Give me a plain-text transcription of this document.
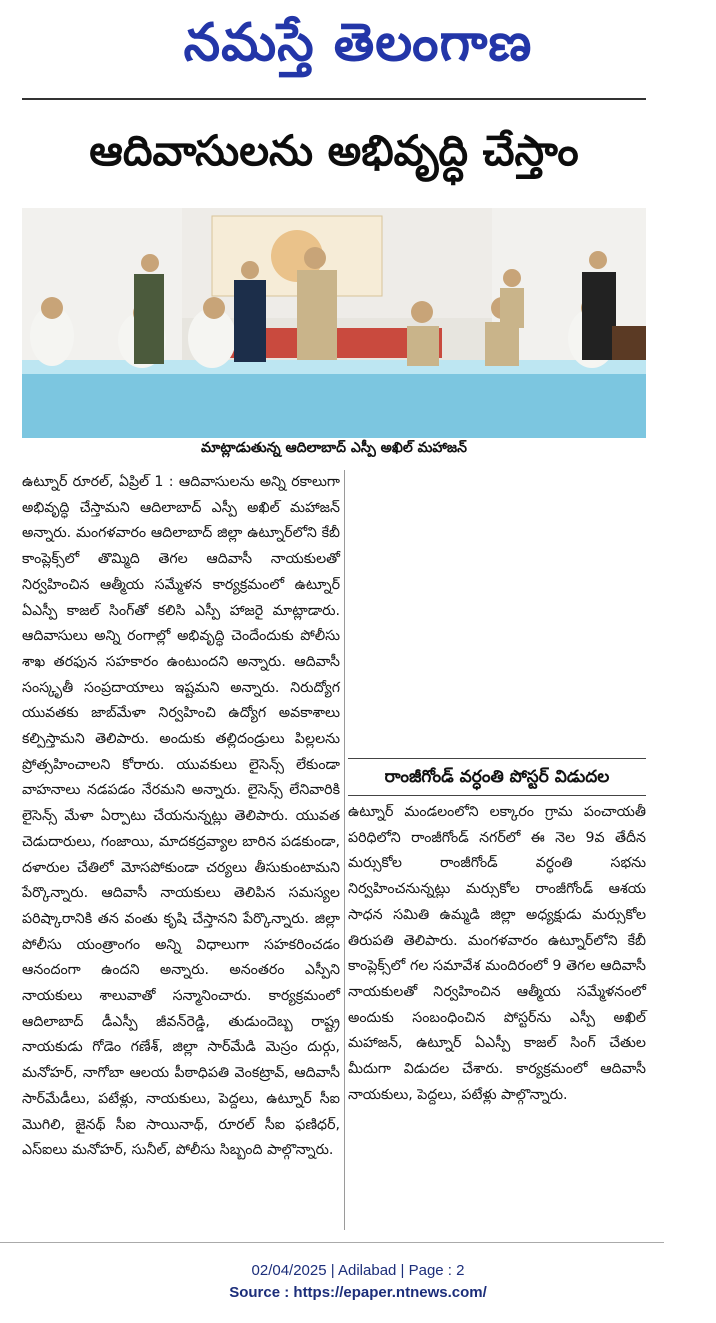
నమస్తే తెలంగాణ
ఆదివాసులను అభివృద్ధి చేస్తాం
మాట్లాడుతున్న ఆదిలాబాద్ ఎస్పీ అఖిల్ మహాజన్
ఉట్నూర్ రూరల్, ఏప్రిల్ 1 : ఆదివాసులను అన్ని రకాలుగా అభివృద్ధి చేస్తామని ఆదిలాబాద్ ఎస్పీ అఖిల్ మహాజన్ అన్నారు. మంగళవారం ఆదిలాబాద్ జిల్లా ఉట్నూర్‌లోని కేబీ కాంప్లెక్స్‌లో తొమ్మిది తెగల ఆదివాసీ నాయకులతో నిర్వహించిన ఆత్మీయ సమ్మేళన కార్యక్రమంలో ఉట్నూర్ ఏఎస్పీ కాజల్ సింగ్‌తో కలిసి ఎస్పీ హాజరై మాట్లాడారు. ఆదివాసులు అన్ని రంగాల్లో అభివృద్ధి చెందేందుకు పోలీసు శాఖ తరఫున సహకారం ఉంటుందని అన్నారు. ఆదివాసీ సంస్కృతీ సంప్రదాయాలు ఇష్టమని అన్నారు. నిరుద్యోగ యువతకు జాబ్‌మేళా నిర్వహించి ఉద్యోగ అవకాశాలు కల్పిస్తామని తెలిపారు. అందుకు తల్లిదండ్రులు పిల్లలను ప్రోత్సహించాలని కోరారు. యువకులు లైసెన్స్ లేకుండా వాహనాలు నడపడం నేరమని అన్నారు. లైసెన్స్ లేనివారికి లైసెన్స్ మేళా ఏర్పాటు చేయనున్నట్లు తెలిపారు. యువత చెడుదారులు, గంజాయి, మాదకద్రవ్యాల బారిన పడకుండా, దళారుల చేతిలో మోసపోకుండా చర్యలు తీసుకుంటామని పేర్కొన్నారు. ఆదివాసీ నాయకులు తెలిపిన సమస్యల పరిష్కారానికి తన వంతు కృషి చేస్తానని పేర్కొన్నారు. జిల్లా పోలీసు యంత్రాంగం అన్ని విధాలుగా సహకరించడం ఆనందంగా ఉందని అన్నారు. అనంతరం ఎస్పీని నాయకులు శాలువాతో సన్మానించారు. కార్యక్రమంలో ఆదిలాబాద్ డీఎస్పీ జీవన్‌రెడ్డి, తుడుందెబ్బ రాష్ట్ర నాయకుడు గోడెం గణేశ్, జిల్లా సార్‌మేడి మెస్రం దుర్గు, మనోహర్, నాగోబా ఆలయ పీఠాధిపతి వెంకట్రావ్, ఆదివాసీ సార్‌మేడీలు, పటేళ్లు, నాయకులు, పెద్దలు, ఉట్నూర్ సీఐ మొగిలి, జైనథ్ సీఐ సాయినాథ్, రూరల్ సీఐ ఫణిధర్, ఎస్‌ఐలు మనోహర్, సునీల్, పోలీసు సిబ్బంది పాల్గొన్నారు.
రాంజీగోండ్ వర్ధంతి పోస్టర్ విడుదల
ఉట్నూర్ మండలంలోని లక్కారం గ్రామ పంచాయతీ పరిధిలోని రాంజీగోండ్ నగర్‌లో ఈ నెల 9వ తేదీన మర్సుకోల రాంజీగోండ్ వర్ధంతి సభను నిర్వహించనున్నట్లు మర్సుకోల రాంజీగోండ్ ఆశయ సాధన సమితి ఉమ్మడి జిల్లా అధ్యక్షుడు మర్సుకోల తిరుపతి తెలిపారు. మంగళవారం ఉట్నూర్‌లోని కేబీ కాంప్లెక్స్‌లో గల సమావేశ మందిరంలో 9 తెగల ఆదివాసీ నాయకులతో నిర్వహించిన ఆత్మీయ సమ్మేళనంలో అందుకు సంబంధించిన పోస్టర్‌ను ఎస్పీ అఖిల్ మహాజన్, ఉట్నూర్ ఏఎస్పీ కాజల్ సింగ్ చేతుల మీదుగా విడుదల చేశారు. కార్యక్రమంలో ఆదివాసీ నాయకులు, పెద్దలు, పటేళ్లు పాల్గొన్నారు.
02/04/2025 | Adilabad | Page : 2
Source : https://epaper.ntnews.com/
